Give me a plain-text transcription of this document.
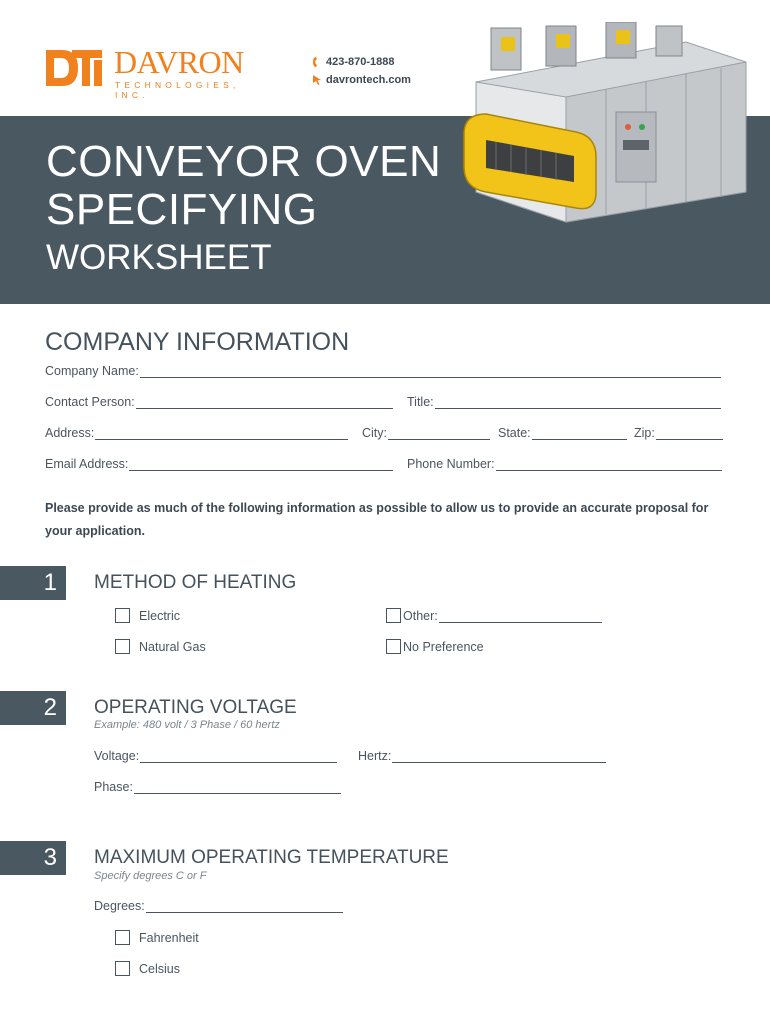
DAVRON
TECHNOLOGIES, INC.
423-870-1888
davrontech.com
CONVEYOR OVEN
SPECIFYING
WORKSHEET
COMPANY INFORMATION
Company Name:
Contact Person:	Title:
Address:	City:	State:	Zip:
Email Address:	Phone Number:
Please provide as much of the following information as possible to allow us to provide an accurate proposal for your application.
1	METHOD OF HEATING
Electric
Natural Gas
Other:
No Preference
2	OPERATING VOLTAGE
Example: 480 volt / 3 Phase / 60 hertz
Voltage:	Hertz:
Phase:
3	MAXIMUM OPERATING TEMPERATURE
Specify degrees C or F
Degrees:
Fahrenheit
Celsius
